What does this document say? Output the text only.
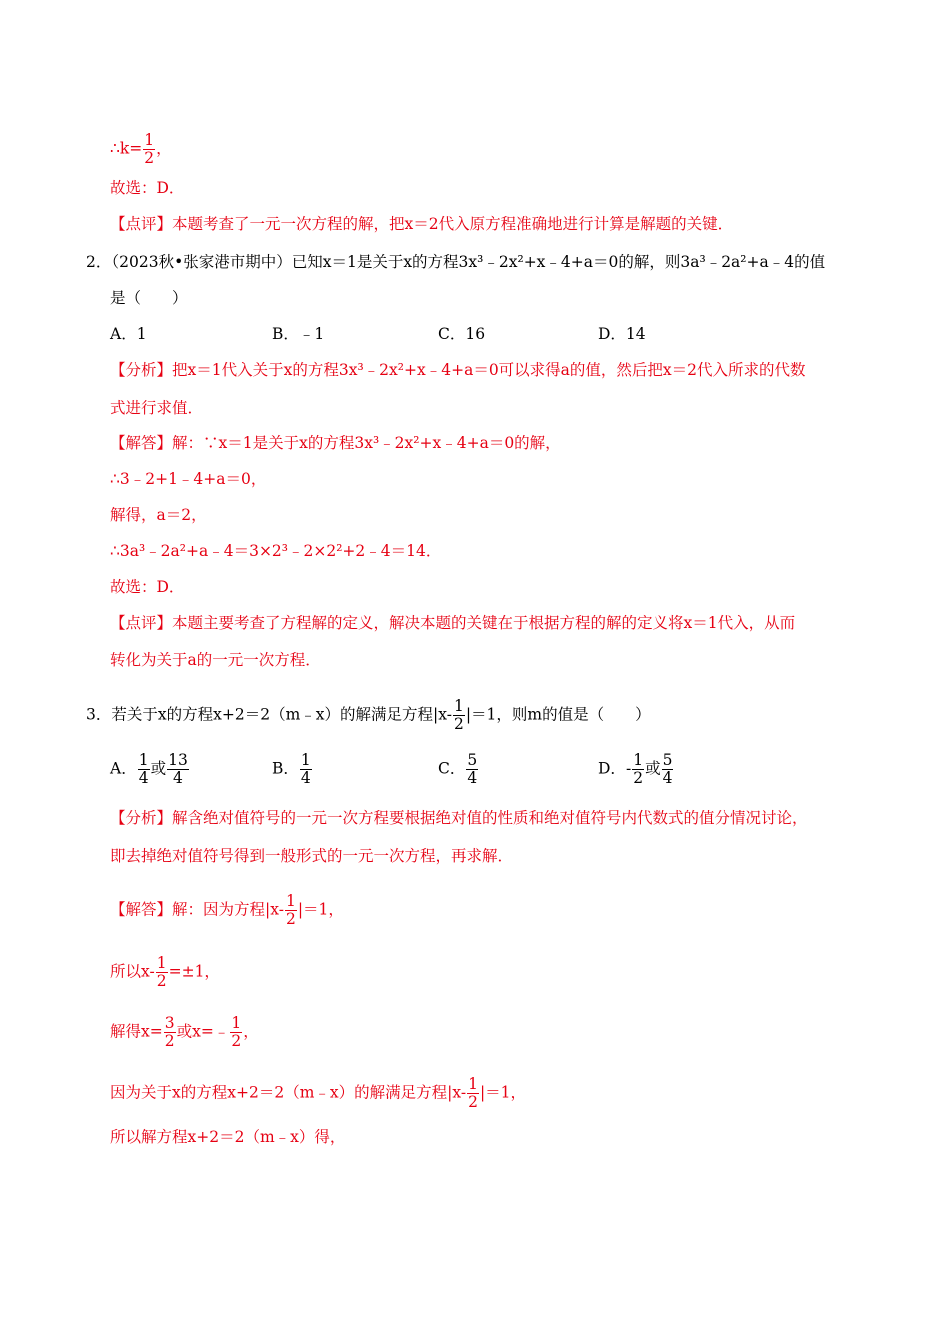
∴k= $\frac{1}{2}$ ，
故选：D．
【点评】本题考查了一元一次方程的解，把x＝2代入原方程准确地进行计算是解题的关键．
2．（2023秋•张家港市期中）已知x＝1是关于x的方程3x³﹣2x²+x﹣4+a＝0的解，则3a³﹣2a²+a﹣4的值
是（　　）
A．1	B．﹣1	C．16	D．14
【分析】把x＝1代入关于x的方程3x³﹣2x²+x﹣4+a＝0可以求得a的值，然后把x＝2代入所求的代数
式进行求值．
【解答】解：∵x＝1是关于x的方程3x³﹣2x²+x﹣4+a＝0的解，
∴3﹣2+1﹣4+a＝0，
解得，a＝2，
∴3a³﹣2a²+a﹣4＝3×2³﹣2×2²+2﹣4＝14．
故选：D．
【点评】本题主要考查了方程解的定义，解决本题的关键在于根据方程的解的定义将x＝1代入，从而
转化为关于a的一元一次方程．
3．若关于x的方程x+2＝2（m﹣x）的解满足方程$|x- \frac{1}{2} |=1$，则m的值是（　　）
A． $\frac{1}{4}$ 或 $\frac{13}{4}$	B． $\frac{1}{4}$	C． $\frac{5}{4}$	D．- $\frac{1}{2}$ 或 $\frac{5}{4}$
【分析】解含绝对值符号的一元一次方程要根据绝对值的性质和绝对值符号内代数式的值分情况讨论，
即去掉绝对值符号得到一般形式的一元一次方程，再求解．
【解答】解：因为方程$|x- \frac{1}{2} |=1$，
所以$x- \frac{1}{2} =\pm 1$，
解得$x= \frac{3}{2}$ 或x=﹣ $\frac{1}{2}$ ，
因为关于x的方程x+2＝2（m﹣x）的解满足方程$|x- \frac{1}{2} |=1$，
所以解方程x+2＝2（m﹣x）得，
